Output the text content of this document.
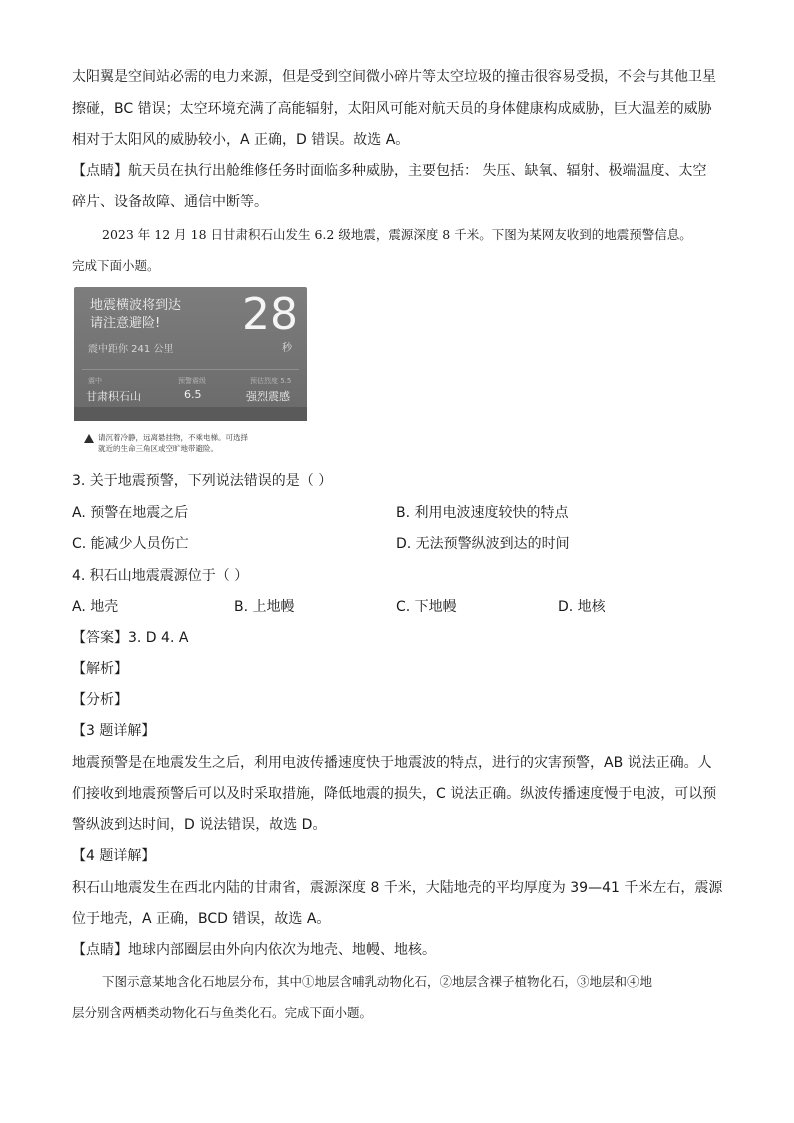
太阳翼是空间站必需的电力来源，但是受到空间微小碎片等太空垃圾的撞击很容易受损，不会与其他卫星
擦碰，BC 错误；太空环境充满了高能辐射，太阳风可能对航天员的身体健康构成威胁，巨大温差的威胁
相对于太阳风的威胁较小，A 正确，D 错误。故选 A。
【点睛】航天员在执行出舱维修任务时面临多种威胁，主要包括： 失压、缺氧、辐射、极端温度、太空
碎片、设备故障、通信中断等。
2023 年 12 月 18 日甘肃积石山发生 6.2 级地震，震源深度 8 千米。下图为某网友收到的地震预警信息。
完成下面小题。
地震横波将到达
请注意避险!
震中距你 241 公里
28
秒
震中
甘肃积石山
预警震级
6.5
预估烈度 5.5
强烈震感
请沉着冷静，远离悬挂物，不乘电梯。可选择
就近的生命三角区或空旷地带避险。
3. 关于地震预警，下列说法错误的是（ ）
A. 预警在地震之后	B. 利用电波速度较快的特点
C. 能减少人员伤亡	D. 无法预警纵波到达的时间
4. 积石山地震震源位于（ ）
A. 地壳	B. 上地幔	C. 下地幔	D. 地核
【答案】3. D 4. A
【解析】
【分析】
【3 题详解】
地震预警是在地震发生之后，利用电波传播速度快于地震波的特点，进行的灾害预警，AB 说法正确。人
们接收到地震预警后可以及时采取措施，降低地震的损失，C 说法正确。纵波传播速度慢于电波，可以预
警纵波到达时间，D 说法错误，故选 D。
【4 题详解】
积石山地震发生在西北内陆的甘肃省，震源深度 8 千米，大陆地壳的平均厚度为 39—41 千米左右，震源
位于地壳，A 正确，BCD 错误，故选 A。
【点睛】地球内部圈层由外向内依次为地壳、地幔、地核。
下图示意某地含化石地层分布，其中①地层含哺乳动物化石，②地层含裸子植物化石，③地层和④地
层分别含两栖类动物化石与鱼类化石。完成下面小题。
